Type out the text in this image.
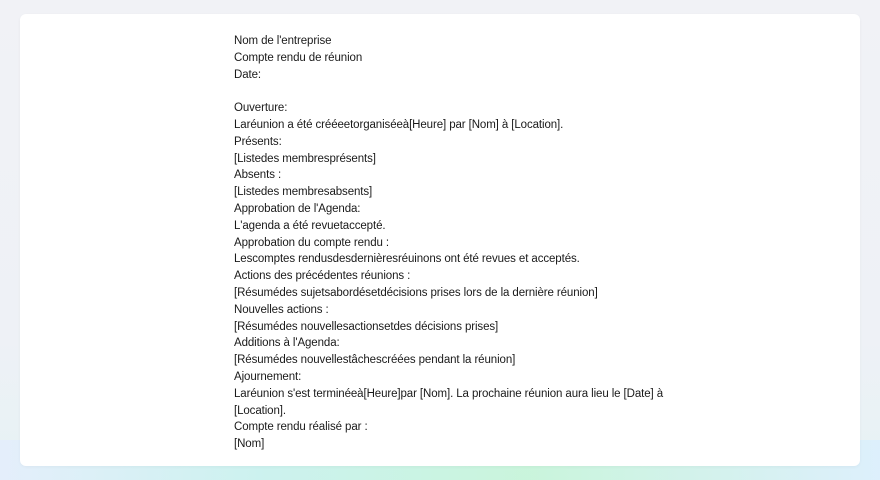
Nom de l'entreprise
Compte rendu de réunion
Date:
Ouverture:
Laréunion a été crééeetorganiséeà[Heure] par [Nom] à [Location].
Présents:
[Listedes membresprésents]
Absents :
[Listedes membresabsents]
Approbation de l'Agenda:
L'agenda a été revuetaccepté.
Approbation du compte rendu :
Lescomptes rendusdesdernièresréuinons ont été revues et acceptés.
Actions des précédentes réunions :
[Résumédes sujetsabordésetdécisions prises lors de la dernière réunion]
Nouvelles actions :
[Résumédes nouvellesactionsetdes décisions prises]
Additions à l'Agenda:
[Résumédes nouvellestâchescréées pendant la réunion]
Ajournement:
Laréunion s'est terminéeà[Heure]par [Nom]. La prochaine réunion aura lieu le [Date] à
[Location].
Compte rendu réalisé par :
[Nom]
